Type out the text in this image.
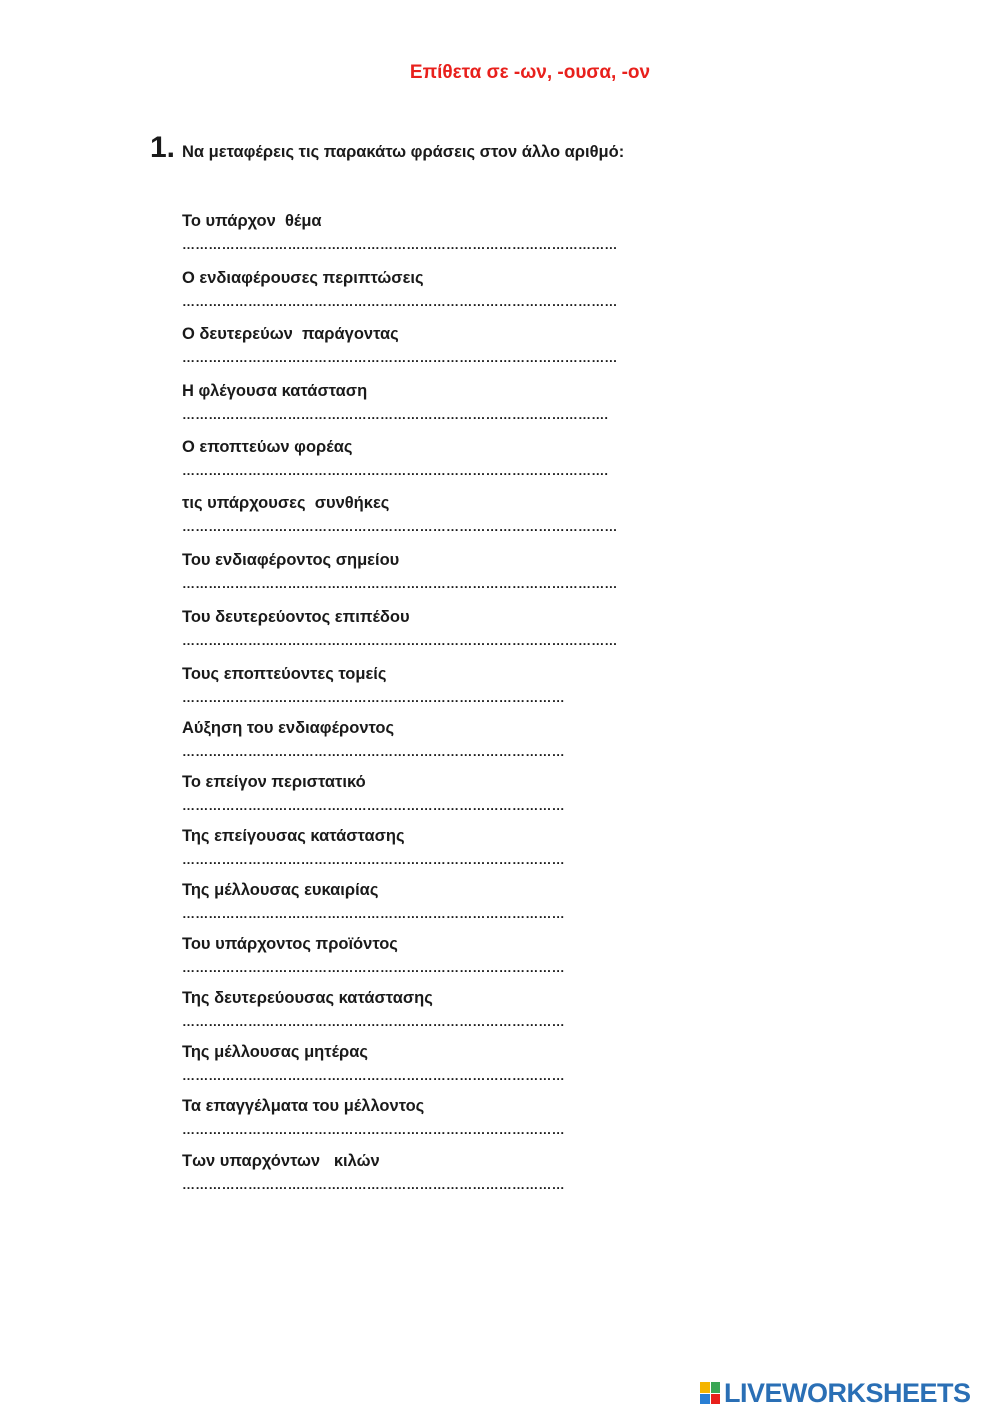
Επίθετα σε -ων, -ουσα, -ον
1. Να μεταφέρεις τις παρακάτω φράσεις στον άλλο αριθμό:
Το υπάρχον  θέμα
………………………………………………………………………………………
Ο ενδιαφέρουσες περιπτώσεις
………………………………………………………………………………………
Ο δευτερεύων  παράγοντας
………………………………………………………………………………………
Η φλέγουσα κατάσταση
…………………………………………………………………………………….
Ο εποπτεύων φορέας
…………………………………………………………………………………….
τις υπάρχουσες  συνθήκες
………………………………………………………………………………………
Του ενδιαφέροντος σημείου
………………………………………………………………………………………
Του δευτερεύοντος επιπέδου
………………………………………………………………………………………
Τους εποπτεύοντες τομείς
……………………………………………………………………………
Αύξηση του ενδιαφέροντος
……………………………………………………………………………
Το επείγον περιστατικό
……………………………………………………………………………
Της επείγουσας κατάστασης
……………………………………………………………………………
Της μέλλουσας ευκαιρίας
……………………………………………………………………………
Του υπάρχοντος προϊόντος
……………………………………………………………………………
Της δευτερεύουσας κατάστασης
……………………………………………………………………………
Της μέλλουσας μητέρας
……………………………………………………………………………
Τα επαγγέλματα του μέλλοντος
……………………………………………………………………………
Των υπαρχόντων   κιλών
……………………………………………………………………………
LIVEWORKSHEETS
